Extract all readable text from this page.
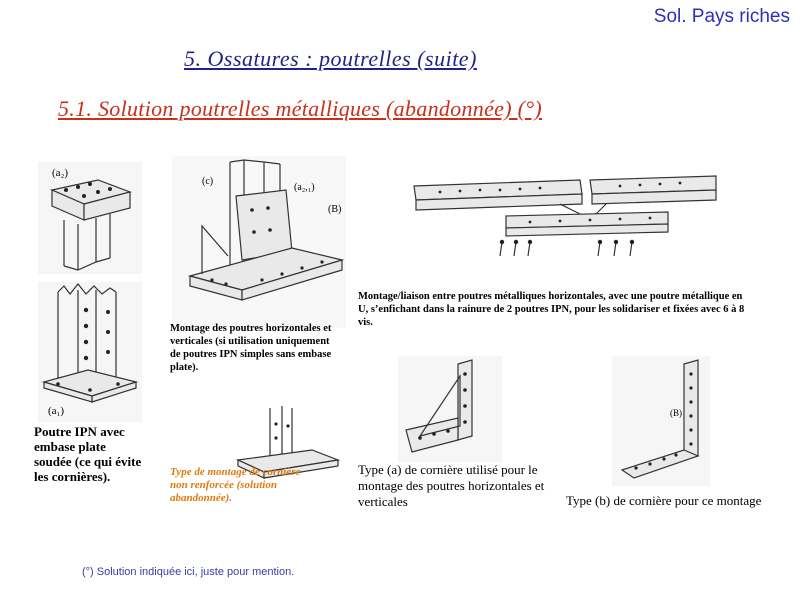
Sol. Pays riches
5. Ossatures : poutrelles (suite)
5.1. Solution poutrelles métalliques (abandonnée) (°)
(a₂)
(a₁)
(c)
(a₂,₁)
(B)
(B)
Poutre IPN avec embase plate soudée (ce qui évite les cornières).
Montage des poutres horizontales et verticales (si utilisation uniquement de poutres IPN simples sans embase plate).
Montage/liaison entre poutres métalliques horizontales, avec une poutre métallique en U, s’enfichant dans la rainure de 2 poutres IPN, pour les solidariser et fixées avec 6 à 8 vis.
Type de montage de cornière non renforcée (solution abandonnée).
Type (a) de cornière utilisé pour le montage des poutres horizontales et verticales	Type (b) de cornière pour ce montage
(°) Solution indiquée ici, juste pour mention.
